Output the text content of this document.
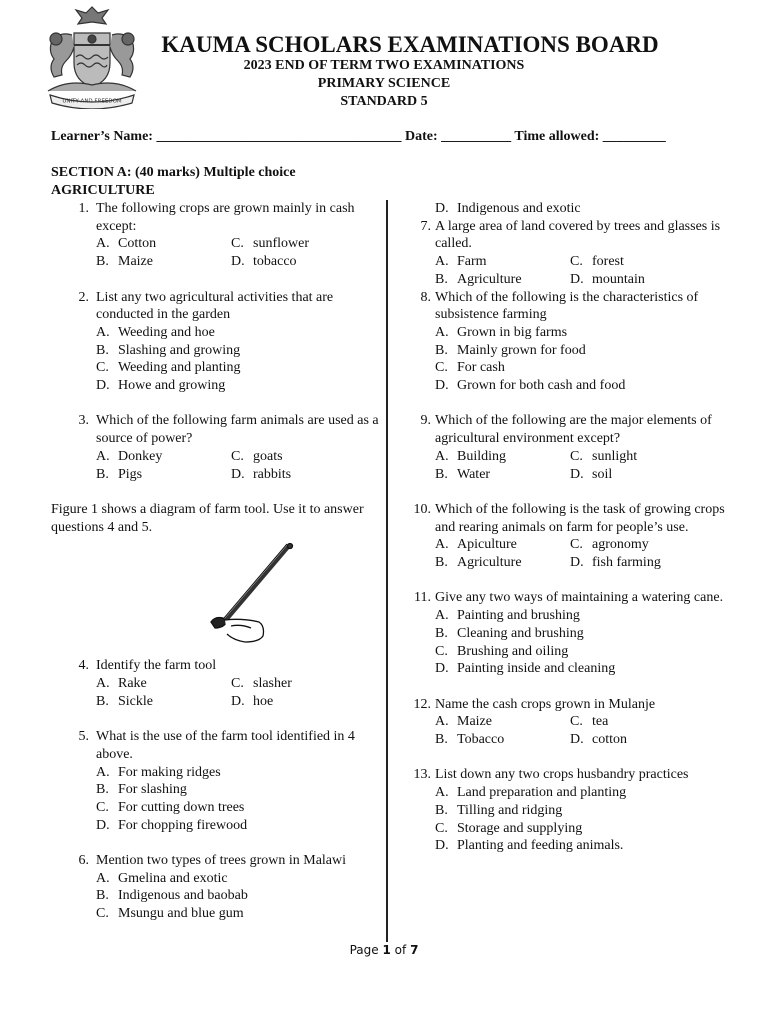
UNITY AND FREEDOM
KAUMA SCHOLARS EXAMINATIONS BOARD
2023 END OF TERM TWO EXAMINATIONS
PRIMARY SCIENCE
STANDARD 5
Learner’s Name: ___________________________________ Date: __________ Time allowed: _________
SECTION A: (40 marks) Multiple choice
AGRICULTURE
1. The following crops are grown mainly in cash except:
A. Cotton	C. sunflower
B. Maize	D. tobacco
2. List any two agricultural activities that are conducted in the garden
A. Weeding and hoe
B. Slashing and growing
C. Weeding and planting
D. Howe and growing
3. Which of the following farm animals are used as a source of power?
A. Donkey	C. goats
B. Pigs	D. rabbits
Figure 1 shows a diagram of farm tool. Use it to answer questions 4 and 5.
4. Identify the farm tool
A. Rake	C. slasher
B. Sickle	D. hoe
5. What is the use of the farm tool identified in 4 above.
A. For making ridges
B. For slashing
C. For cutting down trees
D. For chopping firewood
6. Mention two types of trees grown in Malawi
A. Gmelina and exotic
B. Indigenous and baobab
C. Msungu and blue gum
D. Indigenous and exotic
7. A large area of land covered by trees and glasses is called.
A. Farm	C. forest
B. Agriculture	D. mountain
8. Which of the following is the characteristics of subsistence farming
A. Grown in big farms
B. Mainly grown for food
C. For cash
D. Grown for both cash and food
9. Which of the following are the major elements of agricultural environment except?
A. Building	C. sunlight
B. Water	D. soil
10. Which of the following is the task of growing crops and rearing animals on farm for people’s use.
A. Apiculture	C. agronomy
B. Agriculture	D. fish farming
11. Give any two ways of maintaining a watering cane.
A. Painting and brushing
B. Cleaning and brushing
C. Brushing and oiling
D. Painting inside and cleaning
12. Name the cash crops grown in Mulanje
A. Maize	C. tea
B. Tobacco	D. cotton
13. List down any two crops husbandry practices
A. Land preparation and planting
B. Tilling and ridging
C. Storage and supplying
D. Planting and feeding animals.
Page 1 of 7
